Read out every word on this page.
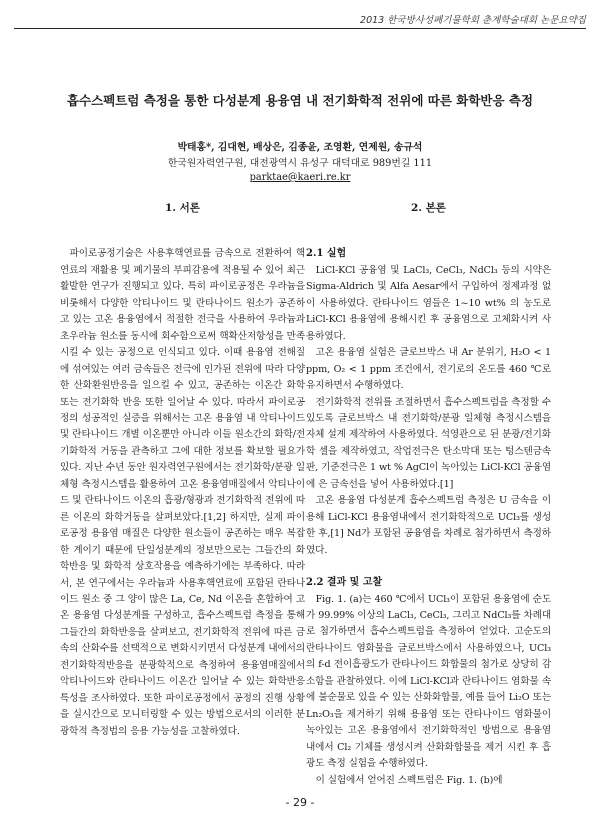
2013 한국방사성폐기물학회 춘계학술대회 논문요약집
흡수스펙트럼 측정을 통한 다성분계 용융염 내 전기화학적 전위에 따른 화학반응 측정
박태홍*, 김대현, 배상은, 김종윤, 조영환, 연제원, 송규석
한국원자력연구원, 대전광역시 유성구 대덕대로 989번길 111
parktae@kaeri.re.kr
1. 서론

파이로공정기술은 사용후핵연료를 금속으로 전환하여 핵연료의 재활용 및 폐기물의 부피감용에 적용될 수 있어 최근 활발한 연구가 진행되고 있다. 특히 파이로공정은 우라늄을 비롯해서 다양한 악티나이드 및 란타나이드 원소가 공존하고 있는 고온 용융염에서 적절한 전극을 사용하여 우라늄과 초우라늄 원소를 동시에 회수함으로써 핵확산저항성을 만족시킬 수 있는 공정으로 인식되고 있다. 이때 용융염 전해질에 섞여있는 여러 금속들은 전극에 인가된 전위에 따라 다양한 산화환원반응을 일으킬 수 있고, 공존하는 이온간 화학 또는 전기화학 반응 또한 일어날 수 있다. 따라서 파이로공정의 성공적인 실증을 위해서는 고온 용융염 내 악티나이드 및 란타나이드 개별 이온뿐만 아니라 이들 원소간의 화학/전기화학적 거동을 관측하고 그에 대한 정보를 확보할 필요가 있다. 지난 수년 동안 원자력연구원에서는 전기화학/분광 일체형 측정시스템을 활용하여 고온 용융염매질에서 악티나이드 및 란타나이드 이온의 흡광/형광과 전기화학적 전위에 따른 이온의 화학거동을 살펴보았다.[1,2] 하지만, 실제 파이로공정 용융염 매질은 다양한 원소들이 공존하는 매우 복잡한 계이기 때문에 단일성분계의 정보만으로는 그들간의 화학반응 및 화학적 상호작용을 예측하기에는 부족하다. 따라서, 본 연구에서는 우라늄과 사용후핵연료에 포함된 란타나이드 원소 중 그 양이 많은 La, Ce, Nd 이온을 혼합하여 고온 용융염 다성분계를 구성하고, 흡수스펙트럼 측정을 통해 그들간의 화학반응을 살펴보고, 전기화학적 전위에 따른 금속의 산화수를 선택적으로 변화시키면서 다성분계 내에서의 전기화학적반응을 분광학적으로 측정하여 용융염매질에서 악티나이드와 란타나이드 이온간 일어날 수 있는 화학반응 특성을 조사하였다. 또한 파이로공정에서 공정의 진행 상황을 실시간으로 모니터링할 수 있는 방법으로서의 이러한 분광학적 측정법의 응용 가능성을 고찰하였다.

2. 본론
2.1 실험

LiCl-KCl 공융염 및 LaCl₃, CeCl₃, NdCl₃ 등의 시약은 Sigma-Aldrich 및 Alfa Aesar에서 구입하여 정제과정 없이 사용하였다. 란타나이드 염들은 1~10 wt% 의 농도로 LiCl-KCl 용융염에 용해시킨 후 공융염으로 고체화시켜 사용하였다.

고온 용융염 실험은 글로브박스 내 Ar 분위기, H₂O < 1 ppm, O₂ < 1 ppm 조건에서, 전기로의 온도를 460 ℃로 유지하면서 수행하였다.

전기화학적 전위를 조절하면서 흡수스펙트럼을 측정할 수 있도록 글로브박스 내 전기화학/분광 일체형 측정시스템을 자체 설계 제작하여 사용하였다. 석영관으로 된 분광/전기화학 셀을 제작하였고, 작업전극은 탄소막대 또는 텅스텐금속판, 기준전극은 1 wt % AgCl이 녹아있는 LiCl-KCl 공융염에 은 금속선을 넣어 사용하였다.[1]

고온 용융염 다성분계 흡수스펙트럼 측정은 U 금속을 이용해 LiCl-KCl 용융염내에서 전기화학적으로 UCl₃를 생성한 후,[1] Nd가 포함된 공융염을 차례로 첨가하면서 측정하였다.

2.2 결과 및 고찰

Fig. 1. (a)는 460 ℃에서 UCl₃이 포함된 용융염에 순도가 99.99% 이상의 LaCl₃, CeCl₃, 그리고 NdCl₃를 차례대로 첨가하면서 흡수스펙트럼을 측정하여 얻었다. 고순도의 란타나이드 염화물을 글로브박스에서 사용하였으나, UCl₃의 f-d 전이흡광도가 란타나이드 화합물의 첨가로 상당히 감소함을 관찰하였다. 이에 LiCl-KCl과 란타나이드 염화물 속에 불순물로 있을 수 있는 산화화합물, 예를 들어 Li₂O 또는 Ln₂O₃을 제거하기 위해 용융염 또는 란타나이드 염화물이 녹아있는 고온 용융염에서 전기화학적인 방법으로 용융염 내에서 Cl₂ 기체를 생성시켜 산화화합물을 제거 시킨 후 흡광도 측정 실험을 수행하였다.

이 실험에서 얻어진 스펙트럼은 Fig. 1. (b)에

- 29 -
